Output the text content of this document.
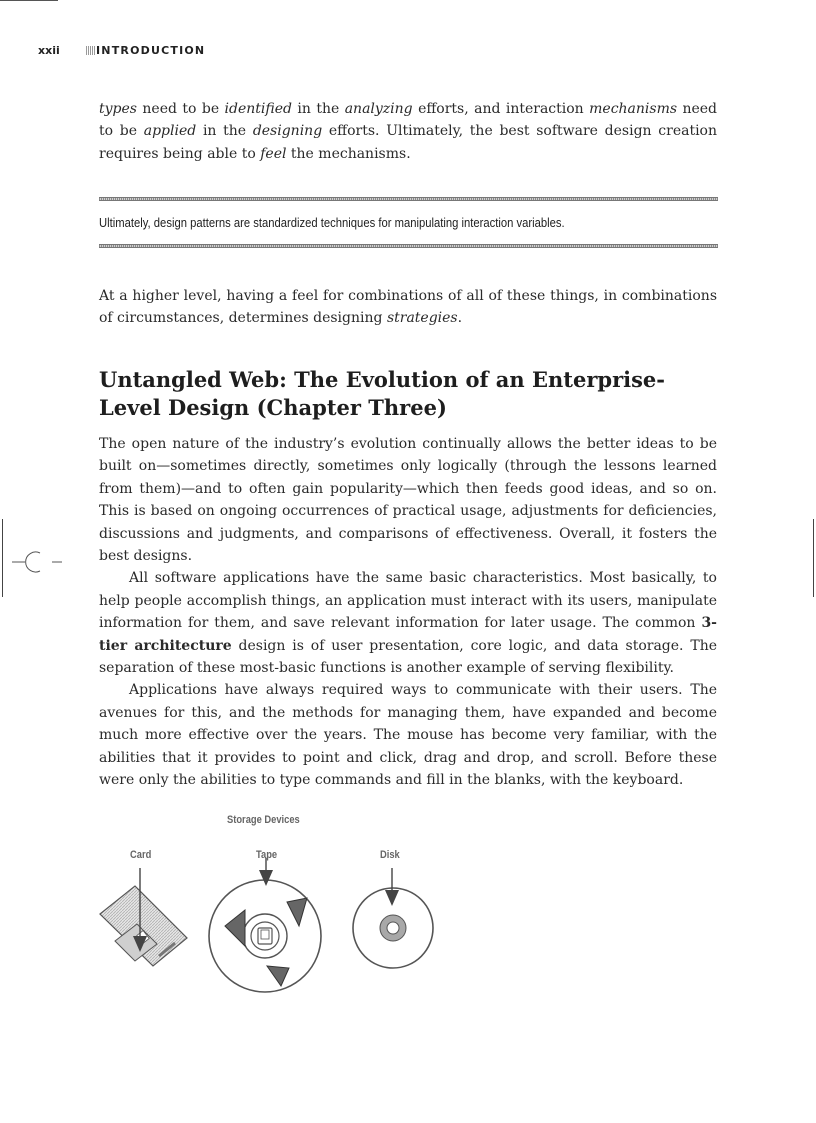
xxii	INTRODUCTION

types need to be identified in the analyzing efforts, and interaction mechanisms need to be applied in the designing efforts. Ultimately, the best software design creation requires being able to feel the mechanisms.

Ultimately, design patterns are standardized techniques for manipulating interaction variables.

At a higher level, having a feel for combinations of all of these things, in combinations of circumstances, determines designing strategies.

Untangled Web: The Evolution of an Enterprise-Level Design (Chapter Three)

The open nature of the industry’s evolution continually allows the better ideas to be built on—sometimes directly, sometimes only logically (through the lessons learned from them)—and to often gain popularity—which then feeds good ideas, and so on. This is based on ongoing occurrences of practical usage, adjustments for deficiencies, discussions and judgments, and comparisons of effectiveness. Overall, it fosters the best designs.

All software applications have the same basic characteristics. Most basically, to help people accomplish things, an application must interact with its users, manipulate information for them, and save relevant information for later usage. The common 3-tier architecture design is of user presentation, core logic, and data storage. The separation of these most-basic functions is another example of serving flexibility.

Applications have always required ways to communicate with their users. The avenues for this, and the methods for managing them, have expanded and become much more effective over the years. The mouse has become very familiar, with the abilities that it provides to point and click, drag and drop, and scroll. Before these were only the abilities to type commands and fill in the blanks, with the keyboard.

Storage Devices
Card	Tape	Disk
